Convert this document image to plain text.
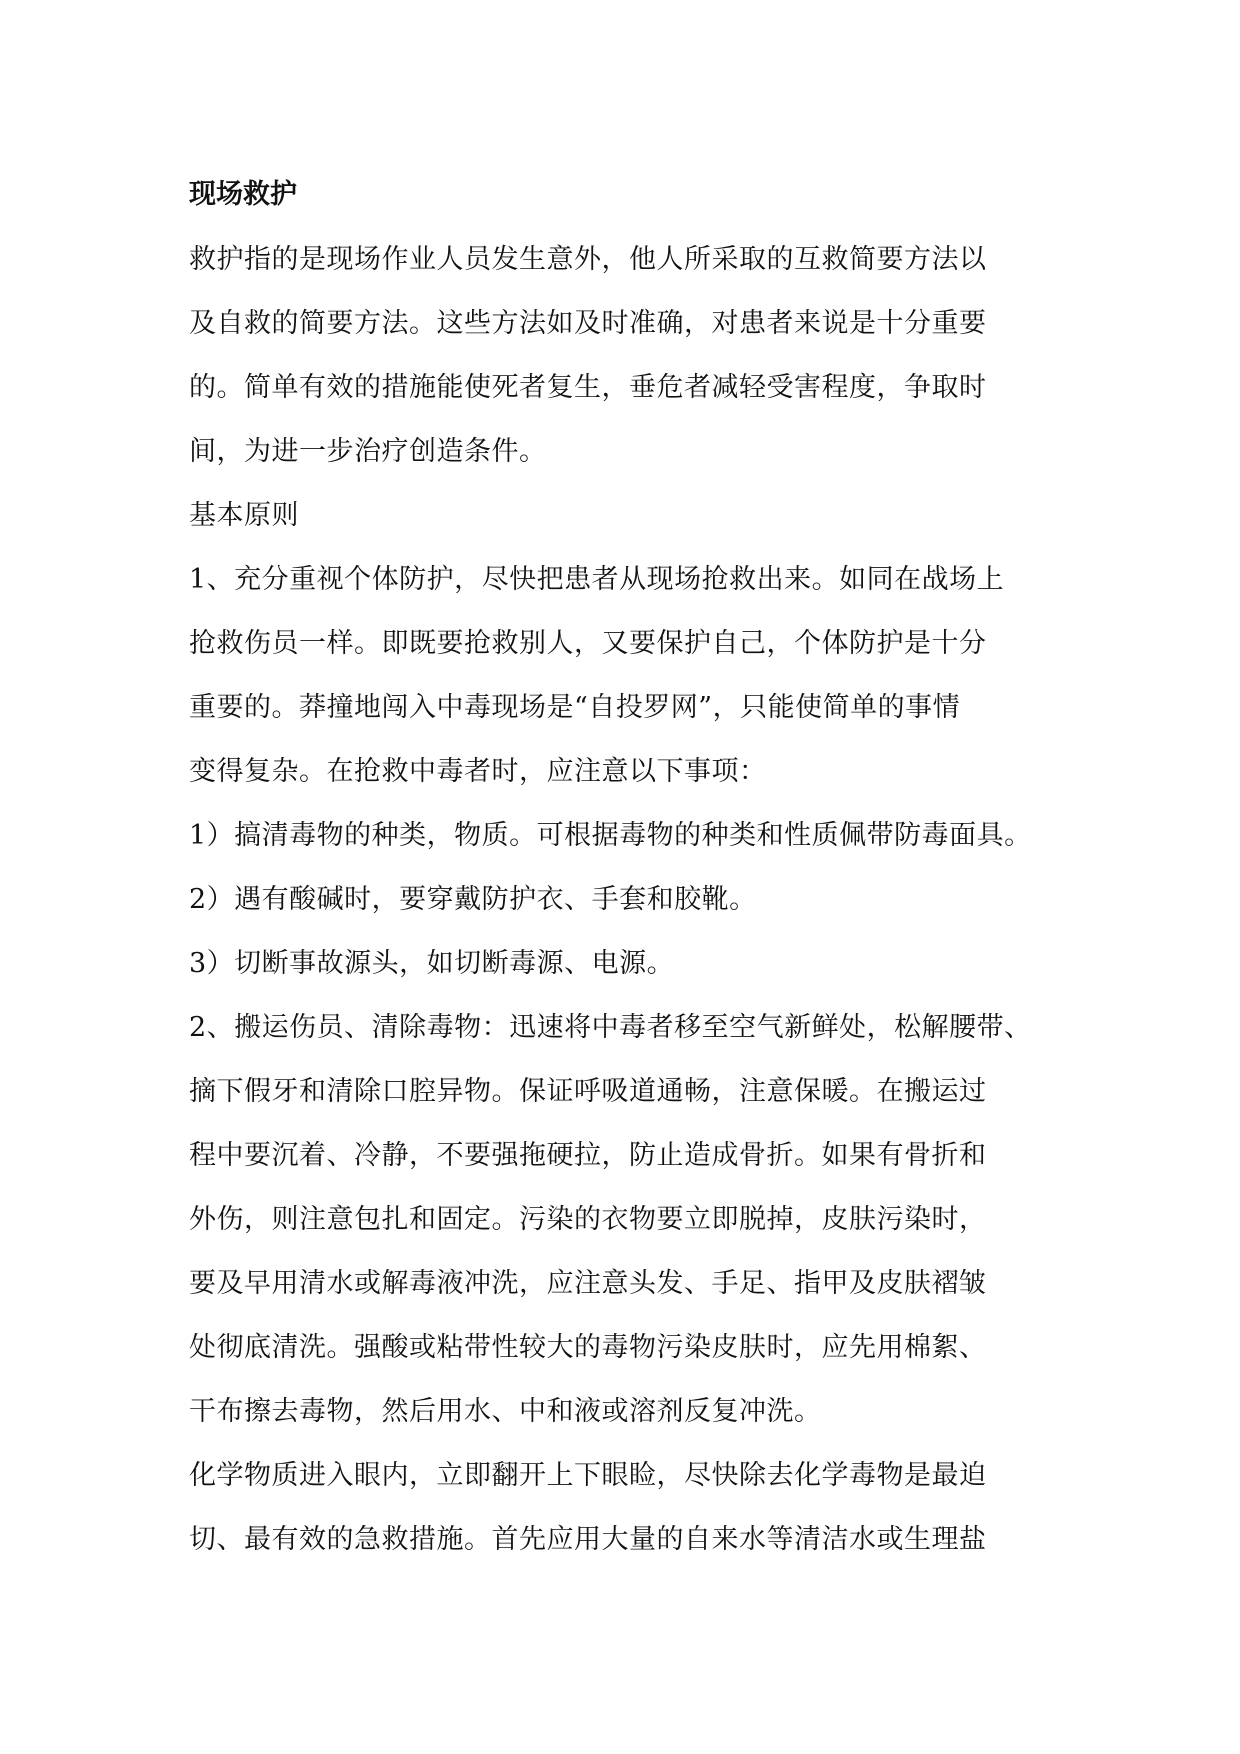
现场救护

救护指的是现场作业人员发生意外，他人所采取的互救简要方法以
及自救的简要方法。这些方法如及时准确，对患者来说是十分重要
的。简单有效的措施能使死者复生，垂危者减轻受害程度，争取时
间，为进一步治疗创造条件。

基本原则

1、充分重视个体防护，尽快把患者从现场抢救出来。如同在战场上
抢救伤员一样。即既要抢救别人，又要保护自己，个体防护是十分
重要的。莽撞地闯入中毒现场是“自投罗网”，只能使简单的事情
变得复杂。在抢救中毒者时，应注意以下事项：

1）搞清毒物的种类，物质。可根据毒物的种类和性质佩带防毒面具。

2）遇有酸碱时，要穿戴防护衣、手套和胶靴。

3）切断事故源头，如切断毒源、电源。

2、搬运伤员、清除毒物：迅速将中毒者移至空气新鲜处，松解腰带、
摘下假牙和清除口腔异物。保证呼吸道通畅，注意保暖。在搬运过
程中要沉着、冷静，不要强拖硬拉，防止造成骨折。如果有骨折和
外伤，则注意包扎和固定。污染的衣物要立即脱掉，皮肤污染时，
要及早用清水或解毒液冲洗，应注意头发、手足、指甲及皮肤褶皱
处彻底清洗。强酸或粘带性较大的毒物污染皮肤时，应先用棉絮、
干布擦去毒物，然后用水、中和液或溶剂反复冲洗。

化学物质进入眼内，立即翻开上下眼睑，尽快除去化学毒物是最迫
切、最有效的急救措施。首先应用大量的自来水等清洁水或生理盐
